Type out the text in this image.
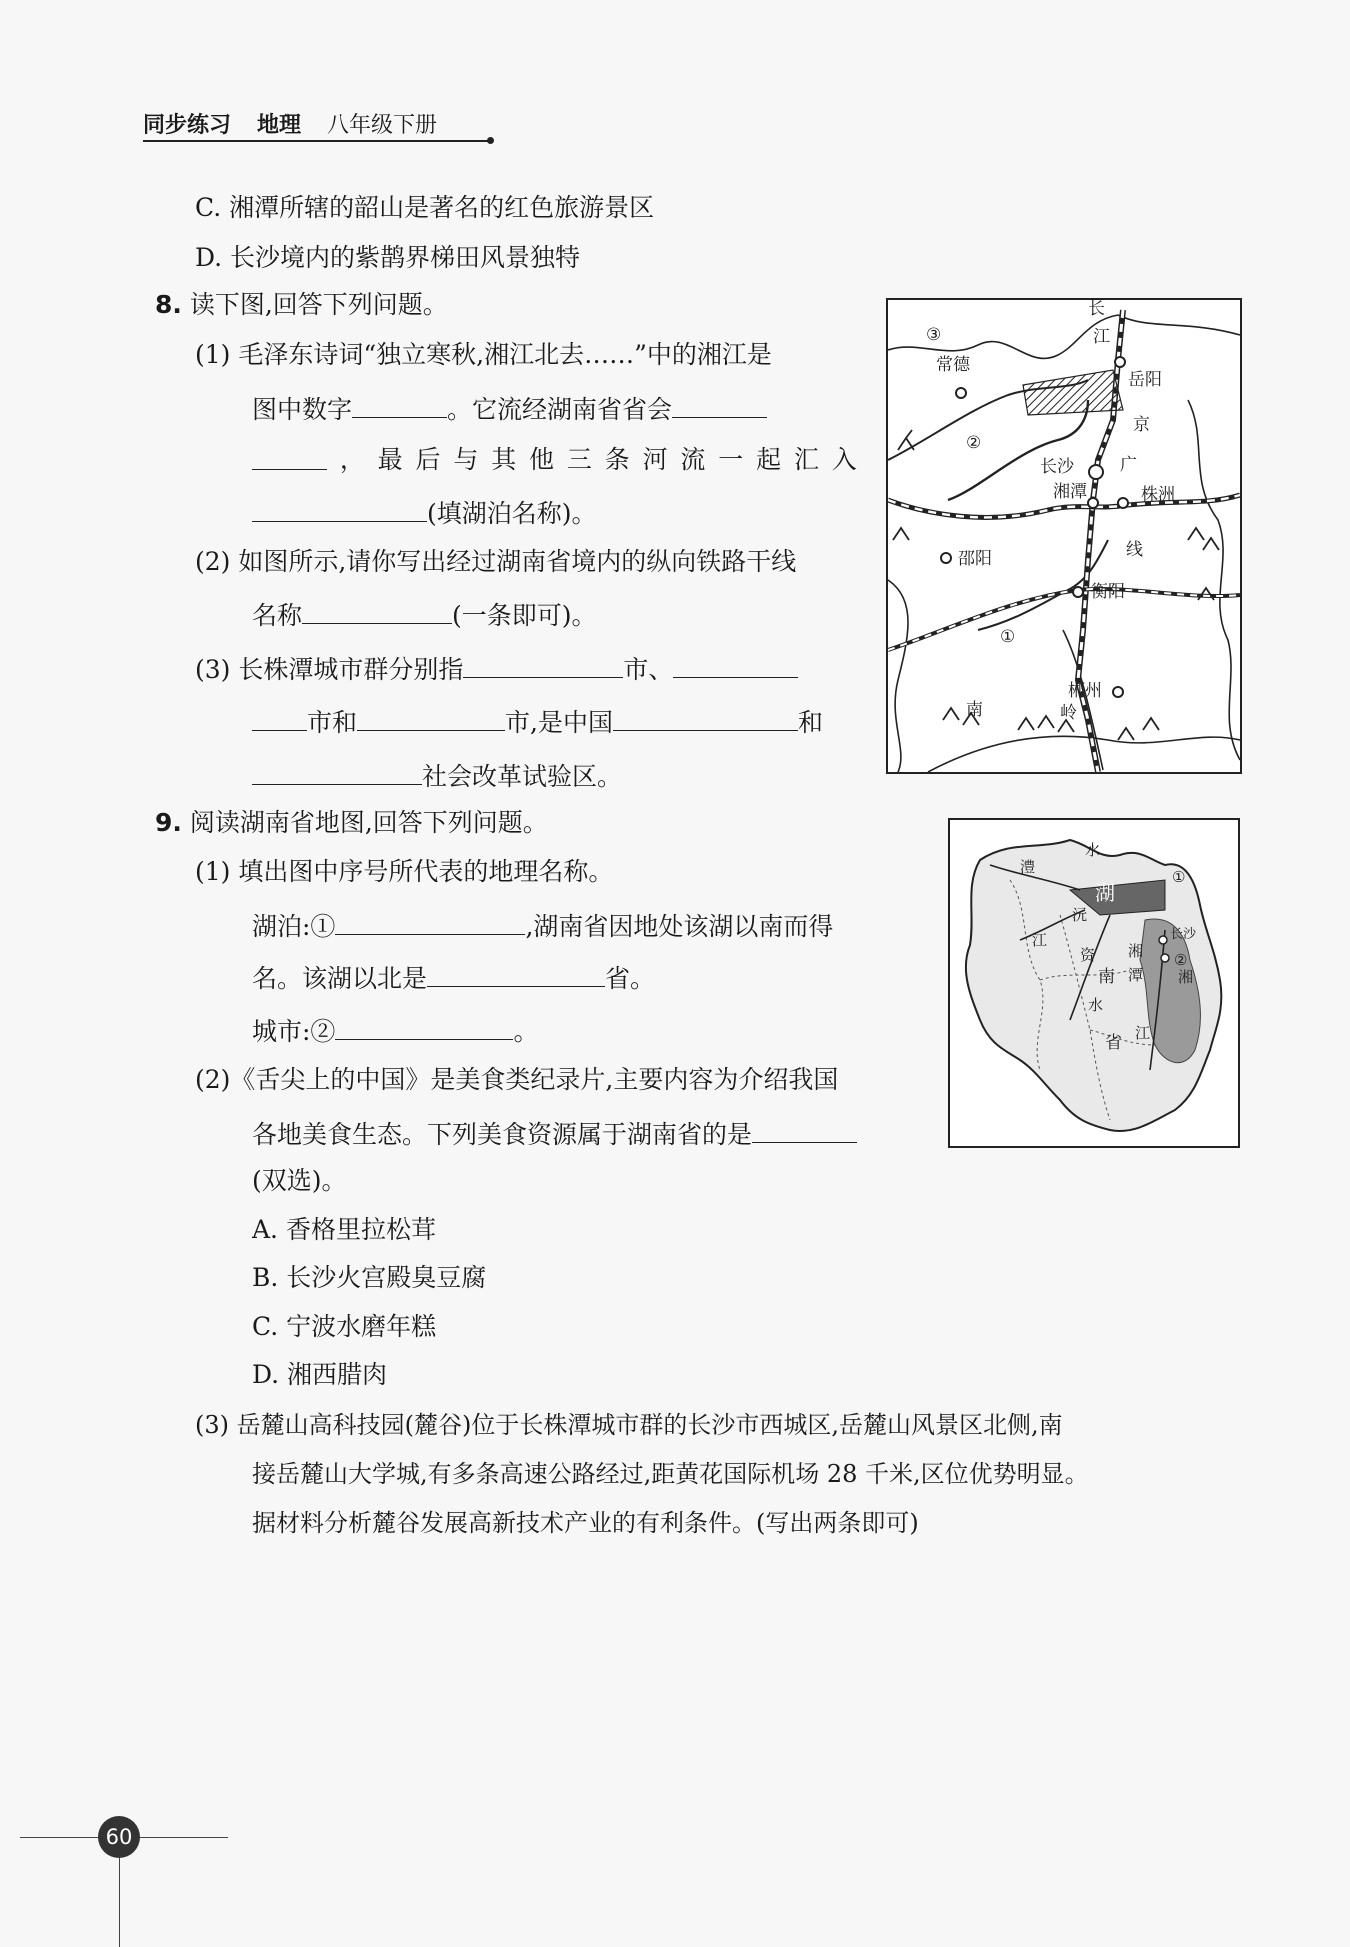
同步练习 地理 八年级下册
C. 湘潭所辖的韶山是著名的红色旅游景区
D. 长沙境内的紫鹊界梯田风景独特
8. 读下图,回答下列问题。
(1) 毛泽东诗词“独立寒秋,湘江北去……”中的湘江是
图中数字	。它流经湖南省省会
， 最 后 与 其 他 三 条 河 流 一 起 汇 入
(填湖泊名称)。
(2) 如图所示,请你写出经过湖南省境内的纵向铁路干线
名称	(一条即可)。
(3) 长株潭城市群分别指	市、
市和	市,是中国	和
社会改革试验区。
长
江
常德
岳阳
京
广
线
长沙
湘潭	株洲
邵阳
衡阳
郴州
南	岭
①
②
③
9. 阅读湖南省地图,回答下列问题。
(1) 填出图中序号所代表的地理名称。
湖泊:①	,湖南省因地处该湖以南而得
名。该湖以北是	省。
城市:②	。
(2)《舌尖上的中国》是美食类纪录片,主要内容为介绍我国
各地美食生态。下列美食资源属于湖南省的是
(双选)。
A. 香格里拉松茸
B. 长沙火宫殿臭豆腐
C. 宁波水磨年糕
D. 湘西腊肉
(3) 岳麓山高科技园(麓谷)位于长株潭城市群的长沙市西城区,岳麓山风景区北侧,南
接岳麓山大学城,有多条高速公路经过,距黄花国际机场 28 千米,区位优势明显。
据材料分析麓谷发展高新技术产业的有利条件。(写出两条即可)
澧
水
湖
①
沅
江
资
南
湘
潭
长沙
②
湘
水
省 江
60
